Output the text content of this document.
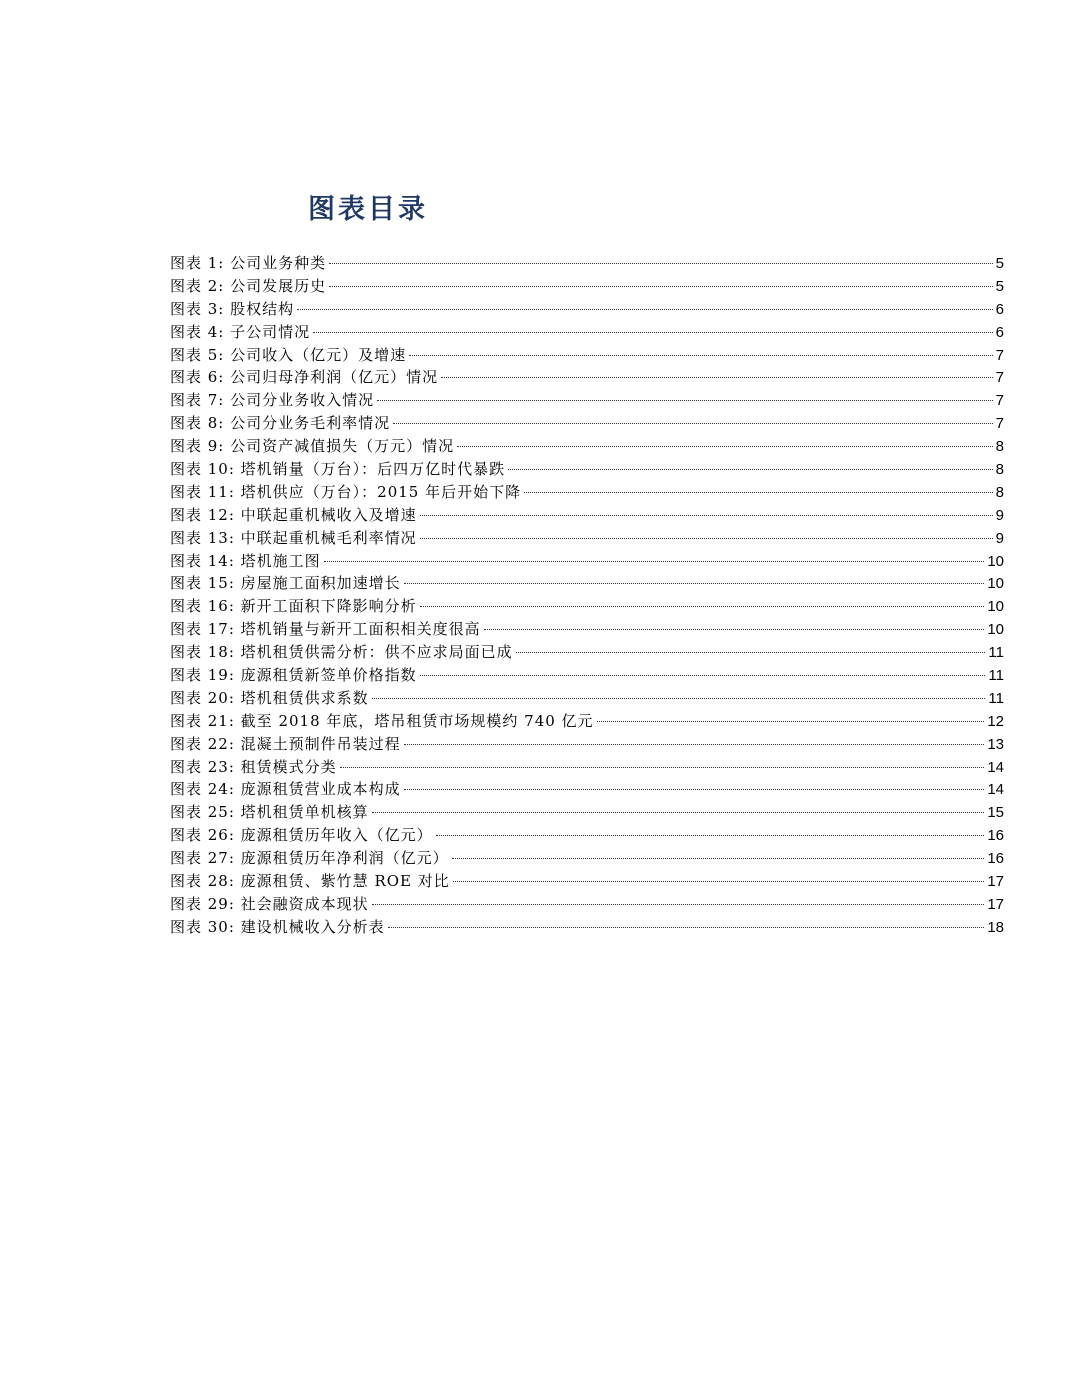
图表目录
图表 1: 公司业务种类	5
图表 2: 公司发展历史	5
图表 3: 股权结构	6
图表 4: 子公司情况	6
图表 5: 公司收入（亿元）及增速	7
图表 6: 公司归母净利润（亿元）情况	7
图表 7: 公司分业务收入情况	7
图表 8: 公司分业务毛利率情况	7
图表 9: 公司资产减值损失（万元）情况	8
图表 10: 塔机销量（万台）：后四万亿时代暴跌	8
图表 11: 塔机供应（万台）：2015 年后开始下降	8
图表 12: 中联起重机械收入及增速	9
图表 13: 中联起重机械毛利率情况	9
图表 14: 塔机施工图	10
图表 15: 房屋施工面积加速增长	10
图表 16: 新开工面积下降影响分析	10
图表 17: 塔机销量与新开工面积相关度很高	10
图表 18: 塔机租赁供需分析：供不应求局面已成	11
图表 19: 庞源租赁新签单价格指数	11
图表 20: 塔机租赁供求系数	11
图表 21: 截至 2018 年底，塔吊租赁市场规模约 740 亿元	12
图表 22: 混凝土预制件吊装过程	13
图表 23: 租赁模式分类	14
图表 24: 庞源租赁营业成本构成	14
图表 25: 塔机租赁单机核算	15
图表 26: 庞源租赁历年收入（亿元）	16
图表 27: 庞源租赁历年净利润（亿元）	16
图表 28: 庞源租赁、紫竹慧 ROE 对比	17
图表 29: 社会融资成本现状	17
图表 30: 建设机械收入分析表	18
